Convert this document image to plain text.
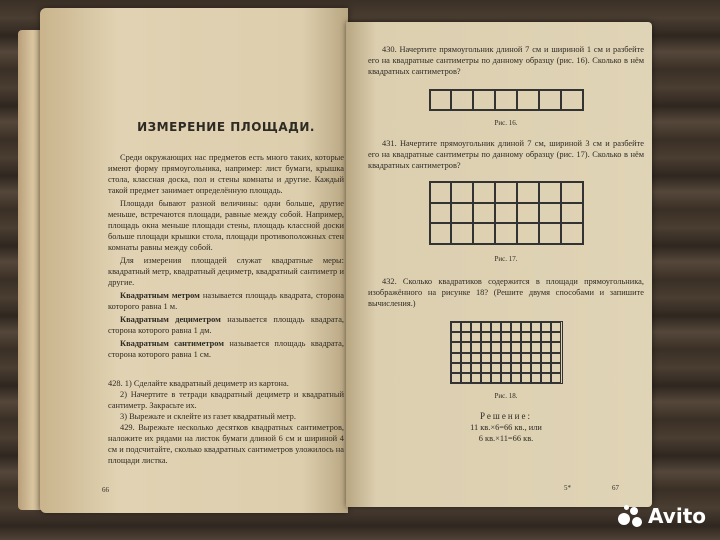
ИЗМЕРЕНИЕ ПЛОЩАДИ.
Среди окружающих нас предметов есть много таких, которые имеют форму прямоугольника, например: лист бумаги, крышка стола, классная доска, пол и стены комнаты и другие. Каждый такой предмет занимает определённую площадь.
Площади бывают разной величины: одни больше, другие меньше, встречаются площади, равные между собой. Например, площадь окна меньше площади стены, площадь классной доски больше площади крышки стола, площади противоположных стен комнаты равны между собой.
Для измерения площадей служат квадратные меры: квадратный метр, квадратный дециметр, квадратный сантиметр и другие.
Квадратным метром называется площадь квадрата, сторона которого равна 1 м.
Квадратным дециметром называется площадь квадрата, сторона которого равна 1 дм.
Квадратным сантиметром называется площадь квадрата, сторона которого равна 1 см.
428. 1) Сделайте квадратный дециметр из картона.
2) Начертите в тетради квадратный дециметр и квадратный сантиметр. Закрасьте их.
3) Вырежьте и склейте из газет квадратный метр.
429. Вырежьте несколько десятков квадратных сантиметров, наложите их рядами на листок бумаги длиной 6 см и шириной 4 см и подсчитайте, сколько квадратных сантиметров уложилось на площади листка.
66
430. Начертите прямоугольник длиной 7 см и шириной 1 см и разбейте его на квадратные сантиметры по данному образцу (рис. 16). Сколько в нём квадратных сантиметров?
Рис. 16.
431. Начертите прямоугольник длиной 7 см, шириной 3 см и разбейте его на квадратные сантиметры по данному образцу (рис. 17). Сколько в нём квадратных сантиметров?
Рис. 17.
432. Сколько квадратиков содержится в площади прямоугольника, изображённого на рисунке 18? (Решите двумя способами и запишите вычисления.)
Рис. 18.
Решение:
11 кв.×6=66 кв., или
6 кв.×11=66 кв.
5*	67
Avito
